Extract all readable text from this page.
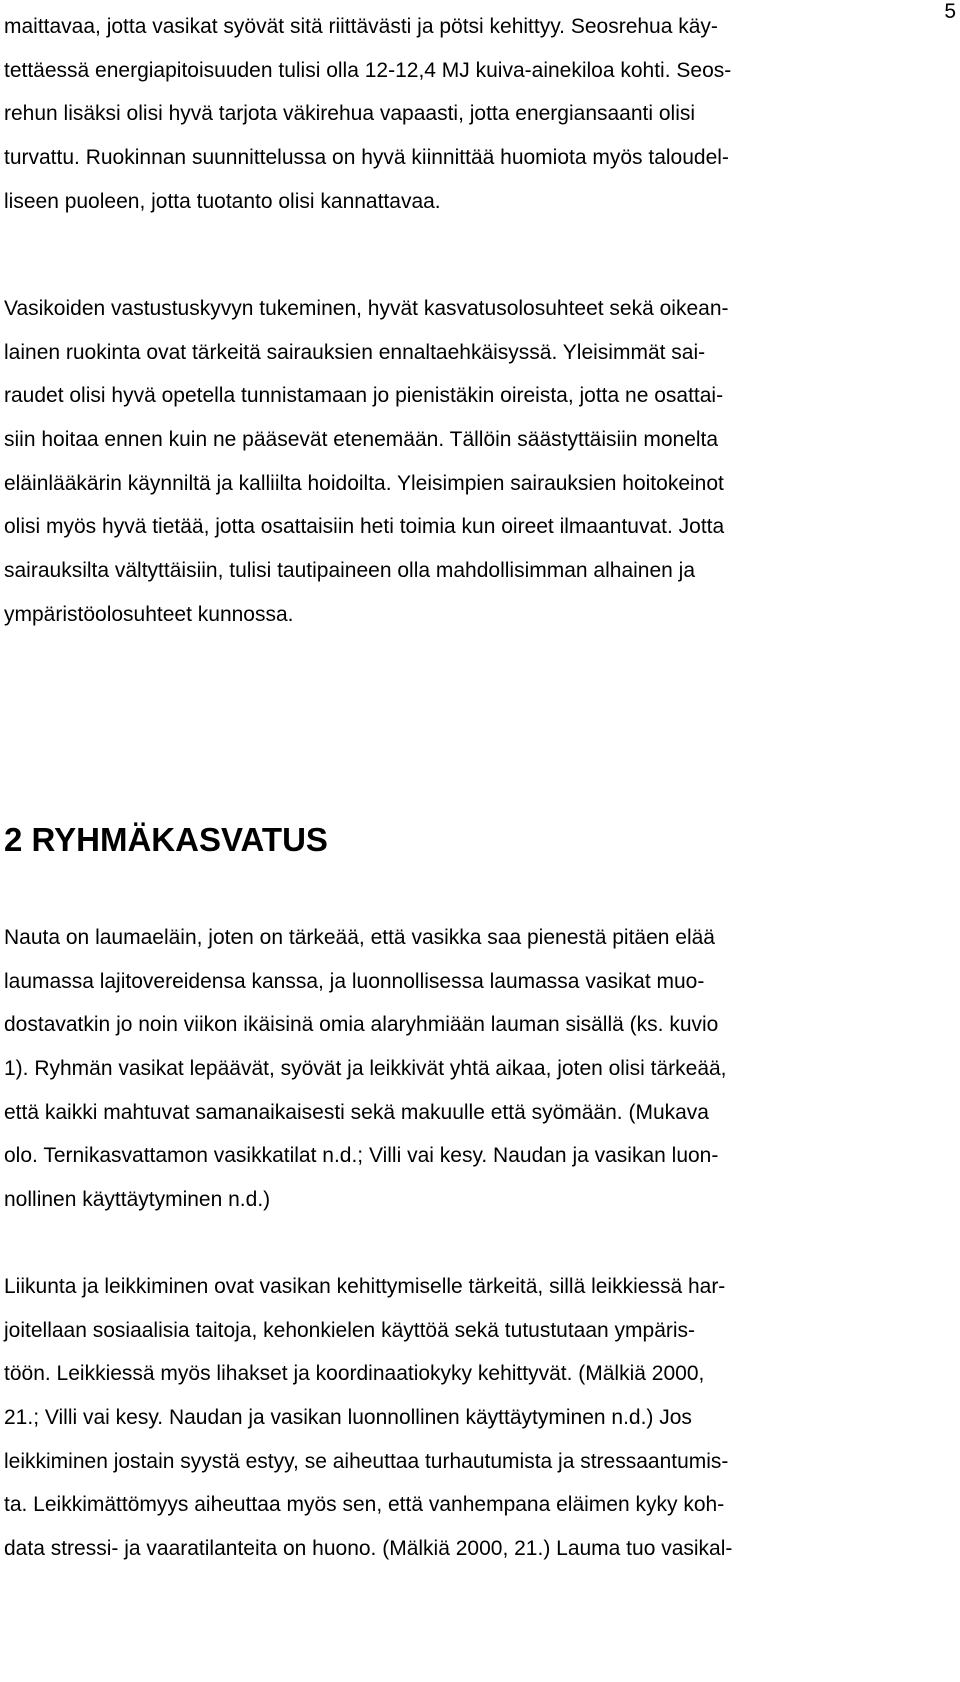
5
maittavaa, jotta vasikat syövät sitä riittävästi ja pötsi kehittyy. Seosrehua käy-
tettäessä energiapitoisuuden tulisi olla 12-12,4 MJ kuiva-ainekiloa kohti. Seos-
rehun lisäksi olisi hyvä tarjota väkirehua vapaasti, jotta energiansaanti olisi
turvattu. Ruokinnan suunnittelussa on hyvä kiinnittää huomiota myös taloudel-
liseen puoleen, jotta tuotanto olisi kannattavaa.
Vasikoiden vastustuskyvyn tukeminen, hyvät kasvatusolosuhteet sekä oikean-
lainen ruokinta ovat tärkeitä sairauksien ennaltaehkäisyssä. Yleisimmät sai-
raudet olisi hyvä opetella tunnistamaan jo pienistäkin oireista, jotta ne osattai-
siin hoitaa ennen kuin ne pääsevät etenemään. Tällöin säästyttäisiin monelta
eläinlääkärin käynniltä ja kalliilta hoidoilta. Yleisimpien sairauksien hoitokeinot
olisi myös hyvä tietää, jotta osattaisiin heti toimia kun oireet ilmaantuvat. Jotta
sairauksilta vältyttäisiin, tulisi tautipaineen olla mahdollisimman alhainen ja
ympäristöolosuhteet kunnossa.
2 RYHMÄKASVATUS
Nauta on laumaeläin, joten on tärkeää, että vasikka saa pienestä pitäen elää
laumassa lajitovereidensa kanssa, ja luonnollisessa laumassa vasikat muo-
dostavatkin jo noin viikon ikäisinä omia alaryhmiään lauman sisällä (ks. kuvio
1). Ryhmän vasikat lepäävät, syövät ja leikkivät yhtä aikaa, joten olisi tärkeää,
että kaikki mahtuvat samanaikaisesti sekä makuulle että syömään. (Mukava
olo. Ternikasvattamon vasikkatilat n.d.; Villi vai kesy. Naudan ja vasikan luon-
nollinen käyttäytyminen n.d.)
Liikunta ja leikkiminen ovat vasikan kehittymiselle tärkeitä, sillä leikkiessä har-
joitellaan sosiaalisia taitoja, kehonkielen käyttöä sekä tutustutaan ympäris-
töön. Leikkiessä myös lihakset ja koordinaatiokyky kehittyvät. (Mälkiä 2000,
21.; Villi vai kesy. Naudan ja vasikan luonnollinen käyttäytyminen n.d.) Jos
leikkiminen jostain syystä estyy, se aiheuttaa turhautumista ja stressaantumis-
ta. Leikkimättömyys aiheuttaa myös sen, että vanhempana eläimen kyky koh-
data stressi- ja vaaratilanteita on huono. (Mälkiä 2000, 21.) Lauma tuo vasikal-
